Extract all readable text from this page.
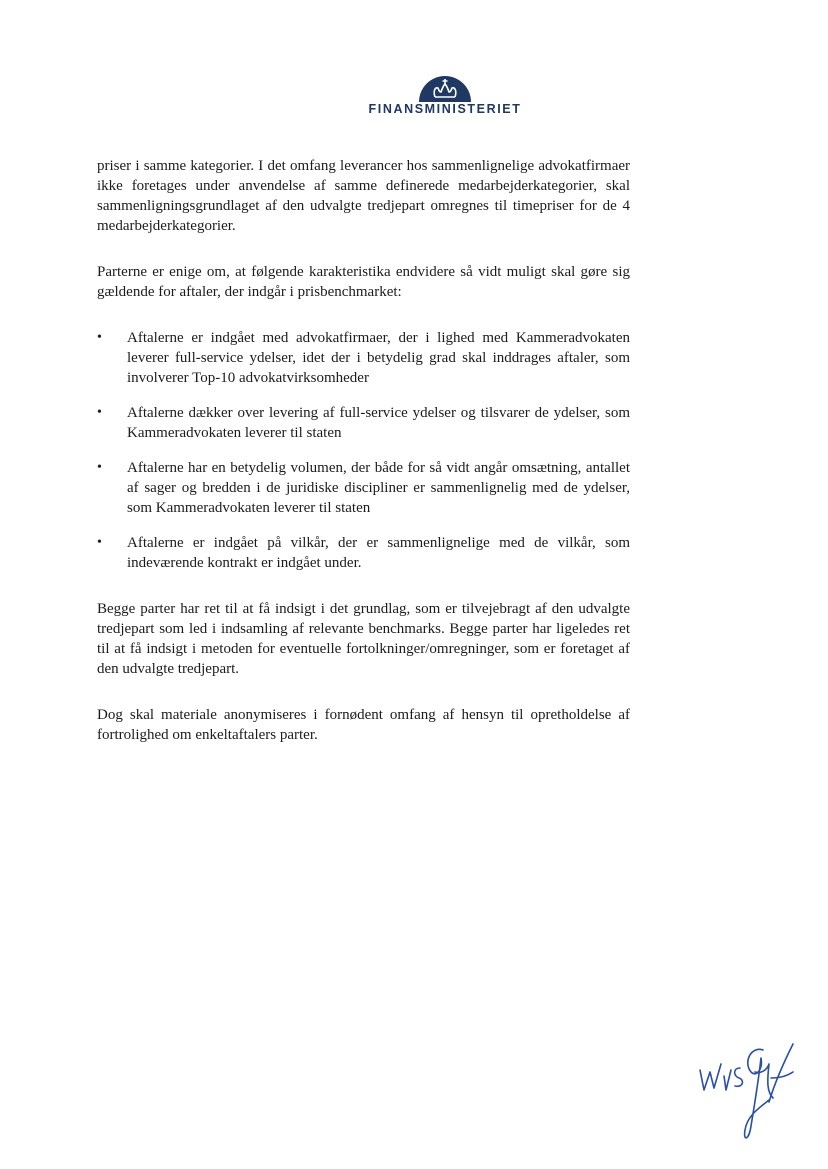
FINANSMINISTERIET

priser i samme kategorier. I det omfang leverancer hos sammenlignelige advokatfirmaer ikke foretages under anvendelse af samme definerede medarbejderkategorier, skal sammenligningsgrundlaget af den udvalgte tredjepart omregnes til timepriser for de 4 medarbejderkategorier.

Parterne er enige om, at følgende karakteristika endvidere så vidt muligt skal gøre sig gældende for aftaler, der indgår i prisbenchmarket:

• Aftalerne er indgået med advokatfirmaer, der i lighed med Kammeradvokaten leverer full-service ydelser, idet der i betydelig grad skal inddrages aftaler, som involverer Top-10 advokatvirksomheder
• Aftalerne dækker over levering af full-service ydelser og tilsvarer de ydelser, som Kammeradvokaten leverer til staten
• Aftalerne har en betydelig volumen, der både for så vidt angår omsætning, antallet af sager og bredden i de juridiske discipliner er sammenlignelig med de ydelser, som Kammeradvokaten leverer til staten
• Aftalerne er indgået på vilkår, der er sammenlignelige med de vilkår, som indeværende kontrakt er indgået under.

Begge parter har ret til at få indsigt i det grundlag, som er tilvejebragt af den udvalgte tredjepart som led i indsamling af relevante benchmarks. Begge parter har ligeledes ret til at få indsigt i metoden for eventuelle fortolkninger/omregninger, som er foretaget af den udvalgte tredjepart.

Dog skal materiale anonymiseres i fornødent omfang af hensyn til opretholdelse af fortrolighed om enkeltaftalers parter.
